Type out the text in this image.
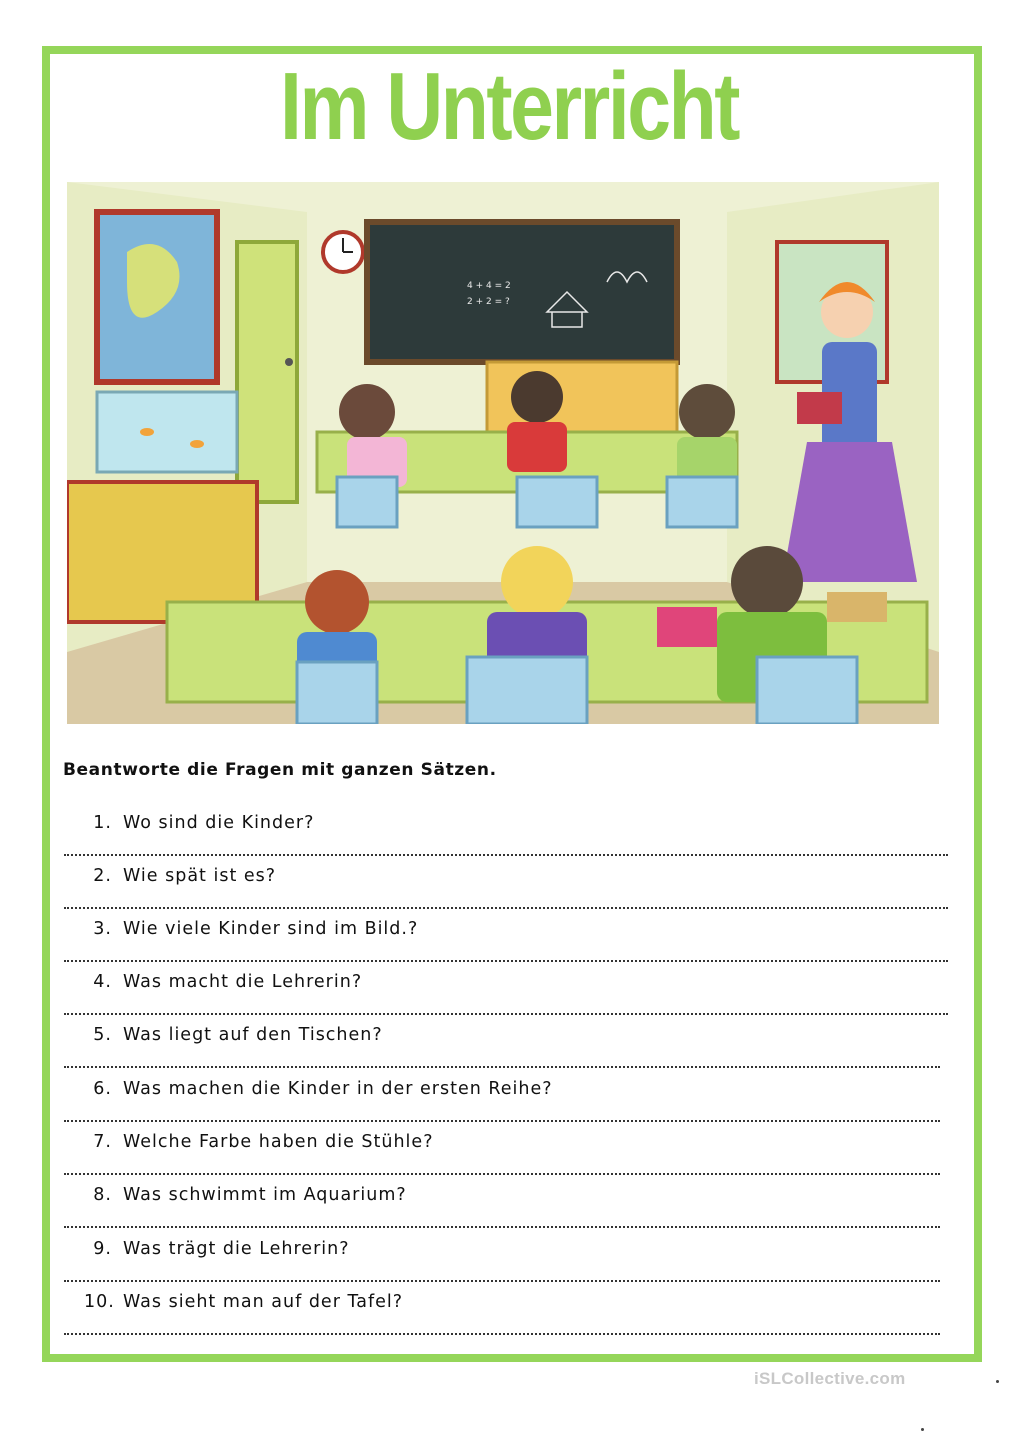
Im Unterricht
4 + 4 = 2
2 + 2 = ?
Beantworte die Fragen mit ganzen Sätzen.
1. Wo sind die Kinder?
2. Wie spät ist es?
3. Wie viele Kinder sind im Bild.?
4. Was macht die Lehrerin?
5. Was liegt auf den Tischen?
6. Was machen die Kinder in der ersten Reihe?
7. Welche Farbe haben die Stühle?
8. Was schwimmt im Aquarium?
9. Was trägt die Lehrerin?
10. Was sieht man auf der Tafel?
iSLCollective.com
